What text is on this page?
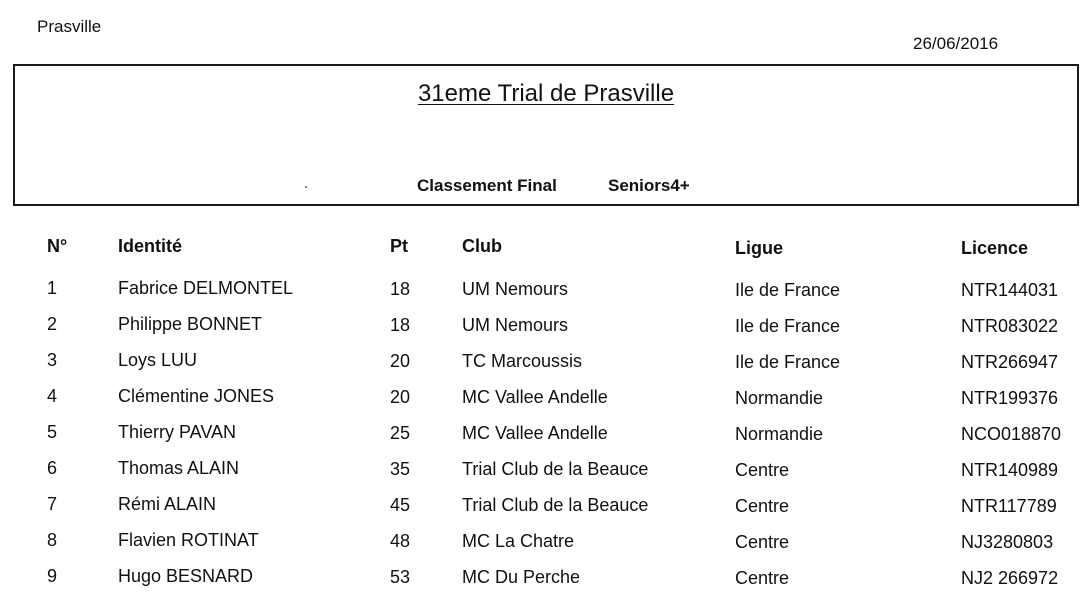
Prasville
26/06/2016
31eme Trial de Prasville
Classement Final	Seniors4+
N°	Identité	Pt	Club	Ligue	Licence
1	Fabrice DELMONTEL	18	UM Nemours	Ile de France	NTR144031
2	Philippe BONNET	18	UM Nemours	Ile de France	NTR083022
3	Loys LUU	20	TC Marcoussis	Ile de France	NTR266947
4	Clémentine JONES	20	MC Vallee Andelle	Normandie	NTR199376
5	Thierry PAVAN	25	MC Vallee Andelle	Normandie	NCO018870
6	Thomas ALAIN	35	Trial Club de la Beauce	Centre	NTR140989
7	Rémi ALAIN	45	Trial Club de la Beauce	Centre	NTR117789
8	Flavien ROTINAT	48	MC La Chatre	Centre	NJ3280803
9	Hugo BESNARD	53	MC Du Perche	Centre	NJ2 266972
